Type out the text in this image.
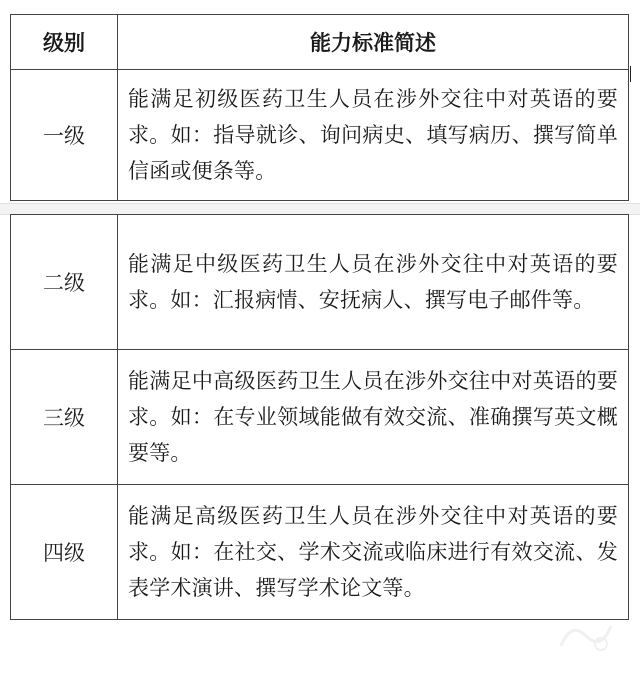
级别	能力标准简述
一级	能满足初级医药卫生人员在涉外交往中对英语的要求。如：指导就诊、询问病史、填写病历、撰写简单信函或便条等。
二级	能满足中级医药卫生人员在涉外交往中对英语的要求。如：汇报病情、安抚病人、撰写电子邮件等。
三级	能满足中高级医药卫生人员在涉外交往中对英语的要求。如：在专业领域能做有效交流、准确撰写英文概要等。
四级	能满足高级医药卫生人员在涉外交往中对英语的要求。如：在社交、学术交流或临床进行有效交流、发表学术演讲、撰写学术论文等。
